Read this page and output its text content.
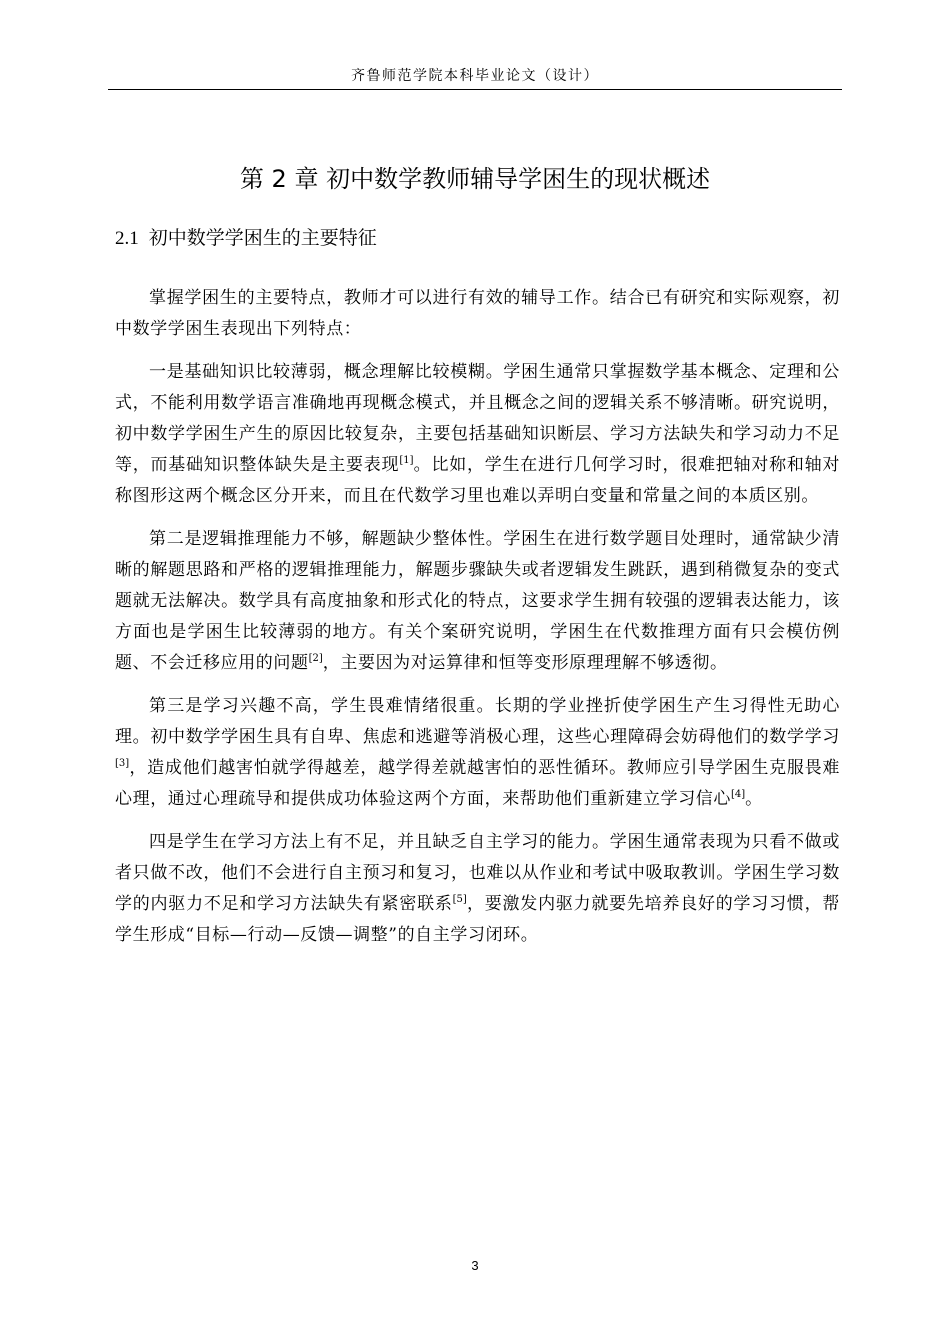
齐鲁师范学院本科毕业论文（设计）
第 2 章 初中数学教师辅导学困生的现状概述
2.1 初中数学学困生的主要特征

掌握学困生的主要特点，教师才可以进行有效的辅导工作。结合已有研究和实际观察，初中数学学困生表现出下列特点：

一是基础知识比较薄弱，概念理解比较模糊。学困生通常只掌握数学基本概念、定理和公式，不能利用数学语言准确地再现概念模式，并且概念之间的逻辑关系不够清晰。研究说明，初中数学学困生产生的原因比较复杂，主要包括基础知识断层、学习方法缺失和学习动力不足等，而基础知识整体缺失是主要表现[1]。比如，学生在进行几何学习时，很难把轴对称和轴对称图形这两个概念区分开来，而且在代数学习里也难以弄明白变量和常量之间的本质区别。

第二是逻辑推理能力不够，解题缺少整体性。学困生在进行数学题目处理时，通常缺少清晰的解题思路和严格的逻辑推理能力，解题步骤缺失或者逻辑发生跳跃，遇到稍微复杂的变式题就无法解决。数学具有高度抽象和形式化的特点，这要求学生拥有较强的逻辑表达能力，该方面也是学困生比较薄弱的地方。有关个案研究说明，学困生在代数推理方面有只会模仿例题、不会迁移应用的问题[2]，主要因为对运算律和恒等变形原理理解不够透彻。

第三是学习兴趣不高，学生畏难情绪很重。长期的学业挫折使学困生产生习得性无助心理。初中数学学困生具有自卑、焦虑和逃避等消极心理，这些心理障碍会妨碍他们的数学学习[3]，造成他们越害怕就学得越差，越学得差就越害怕的恶性循环。教师应引导学困生克服畏难心理，通过心理疏导和提供成功体验这两个方面，来帮助他们重新建立学习信心[4]。

四是学生在学习方法上有不足，并且缺乏自主学习的能力。学困生通常表现为只看不做或者只做不改，他们不会进行自主预习和复习，也难以从作业和考试中吸取教训。学困生学习数学的内驱力不足和学习方法缺失有紧密联系[5]，要激发内驱力就要先培养良好的学习习惯，帮学生形成“目标—行动—反馈—调整”的自主学习闭环。

3
